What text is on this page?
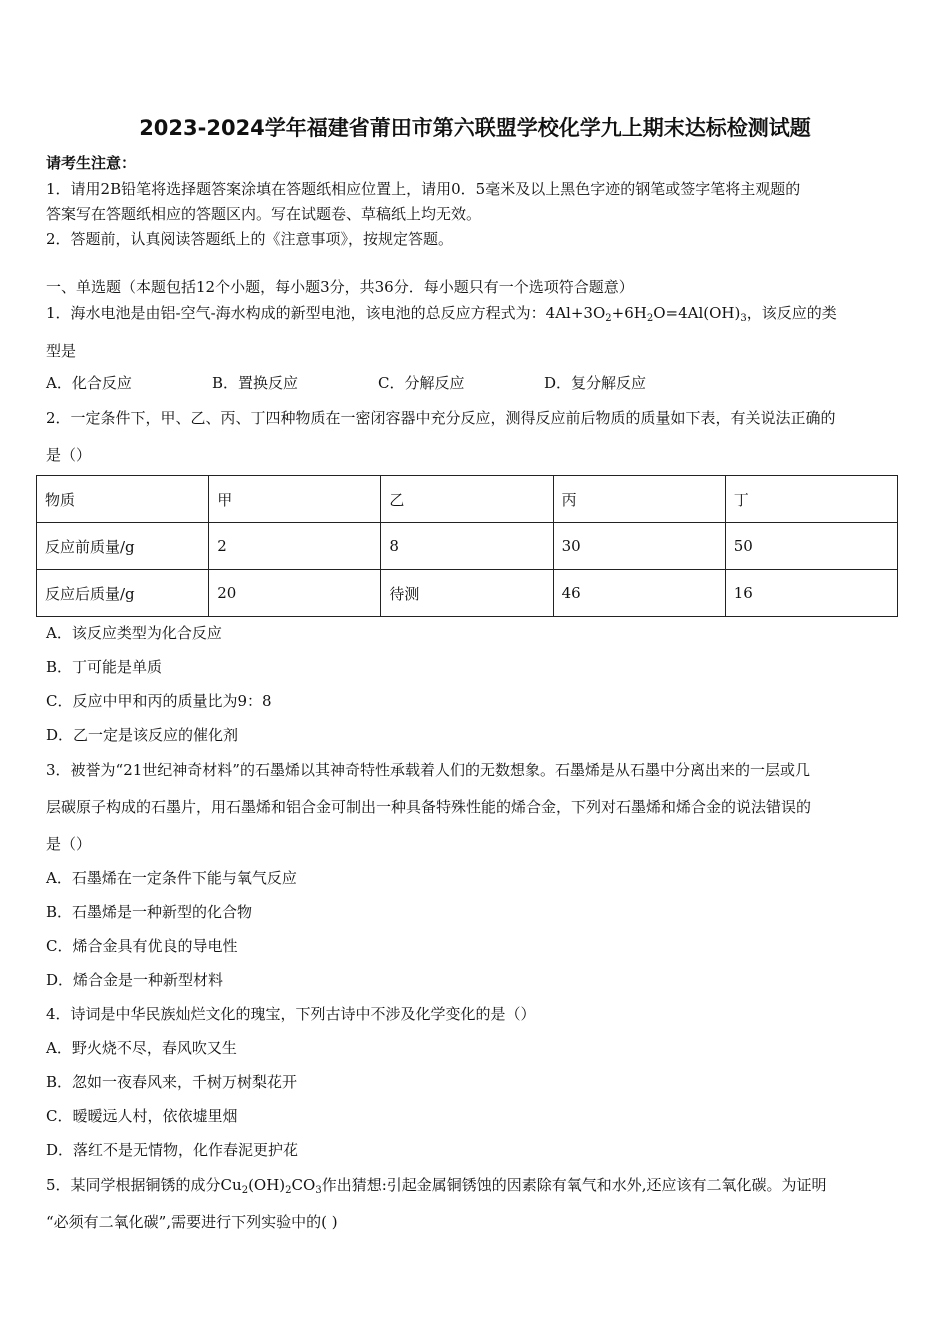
2023-2024学年福建省莆田市第六联盟学校化学九上期末达标检测试题
请考生注意：
1．请用2B铅笔将选择题答案涂填在答题纸相应位置上，请用0．5毫米及以上黑色字迹的钢笔或签字笔将主观题的
答案写在答题纸相应的答题区内。写在试题卷、草稿纸上均无效。
2．答题前，认真阅读答题纸上的《注意事项》，按规定答题。
一、单选题（本题包括12个小题，每小题3分，共36分．每小题只有一个选项符合题意）
1．海水电池是由铝-空气-海水构成的新型电池，该电池的总反应方程式为：$4Al+3O_2+6H_2O=4Al(OH)_3$，该反应的类
型是
A．化合反应	B．置换反应	C．分解反应	D．复分解反应
2．一定条件下，甲、乙、丙、丁四种物质在一密闭容器中充分反应，测得反应前后物质的质量如下表，有关说法正确的
是（）
物质	甲	乙	丙	丁
反应前质量/g	2	8	30	50
反应后质量/g	20	待测	46	16
A．该反应类型为化合反应
B．丁可能是单质
C．反应中甲和丙的质量比为9：8
D．乙一定是该反应的催化剂
3．被誉为“21世纪神奇材料”的石墨烯以其神奇特性承载着人们的无数想象。石墨烯是从石墨中分离出来的一层或几
层碳原子构成的石墨片，用石墨烯和铝合金可制出一种具备特殊性能的烯合金，下列对石墨烯和烯合金的说法错误的
是（）
A．石墨烯在一定条件下能与氧气反应
B．石墨烯是一种新型的化合物
C．烯合金具有优良的导电性
D．烯合金是一种新型材料
4．诗词是中华民族灿烂文化的瑰宝，下列古诗中不涉及化学变化的是（）
A．野火烧不尽，春风吹又生
B．忽如一夜春风来，千树万树梨花开
C．暧暧远人村，依依墟里烟
D．落红不是无情物，化作春泥更护花
5．某同学根据铜锈的成分$Cu_2(OH)_2CO_3$作出猜想:引起金属铜锈蚀的因素除有氧气和水外,还应该有二氧化碳。为证明
“必须有二氧化碳”,需要进行下列实验中的( )
